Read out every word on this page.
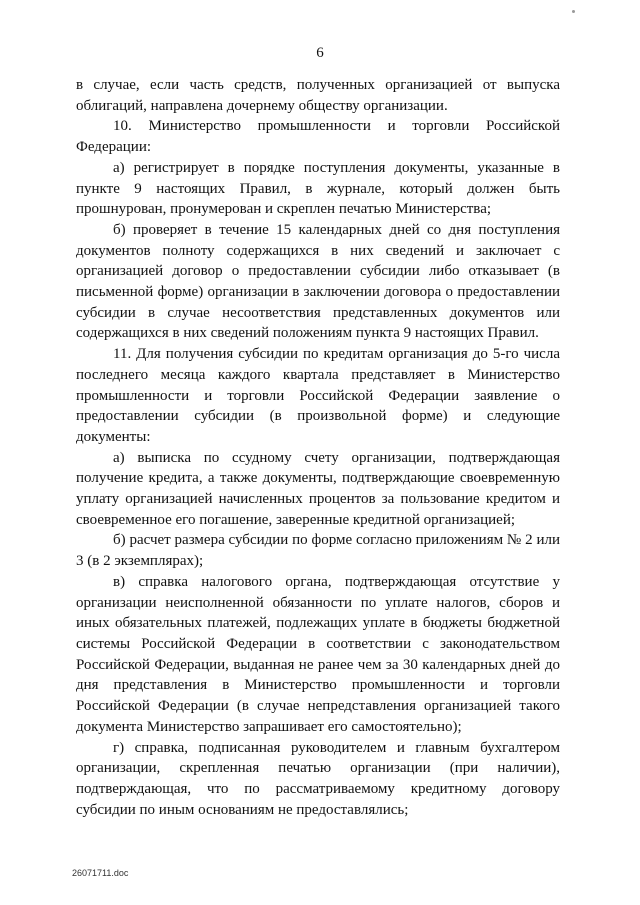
6

в случае, если часть средств, полученных организацией от выпуска облигаций, направлена дочернему обществу организации.

10. Министерство промышленности и торговли Российской Федерации:

а) регистрирует в порядке поступления документы, указанные в пункте 9 настоящих Правил, в журнале, который должен быть прошнурован, пронумерован и скреплен печатью Министерства;

б) проверяет в течение 15 календарных дней со дня поступления документов полноту содержащихся в них сведений и заключает с организацией договор о предоставлении субсидии либо отказывает (в письменной форме) организации в заключении договора о предоставлении субсидии в случае несоответствия представленных документов или содержащихся в них сведений положениям пункта 9 настоящих Правил.

11. Для получения субсидии по кредитам организация до 5-го числа последнего месяца каждого квартала представляет в Министерство промышленности и торговли Российской Федерации заявление о предоставлении субсидии (в произвольной форме) и следующие документы:

а) выписка по ссудному счету организации, подтверждающая получение кредита, а также документы, подтверждающие своевременную уплату организацией начисленных процентов за пользование кредитом и своевременное его погашение, заверенные кредитной организацией;

б) расчет размера субсидии по форме согласно приложениям № 2 или 3 (в 2 экземплярах);

в) справка налогового органа, подтверждающая отсутствие у организации неисполненной обязанности по уплате налогов, сборов и иных обязательных платежей, подлежащих уплате в бюджеты бюджетной системы Российской Федерации в соответствии с законодательством Российской Федерации, выданная не ранее чем за 30 календарных дней до дня представления в Министерство промышленности и торговли Российской Федерации (в случае непредставления организацией такого документа Министерство запрашивает его самостоятельно);

г) справка, подписанная руководителем и главным бухгалтером организации, скрепленная печатью организации (при наличии), подтверждающая, что по рассматриваемому кредитному договору субсидии по иным основаниям не предоставлялись;

26071711.doc
